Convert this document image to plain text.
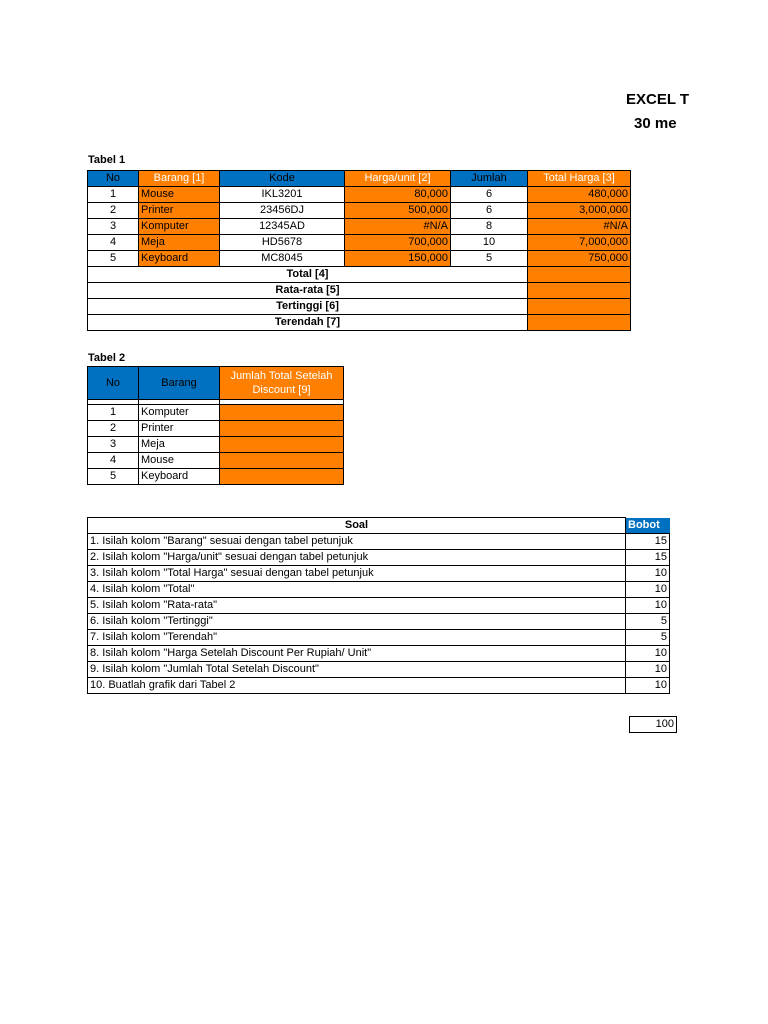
EXCEL T
30 me
Tabel 1
No	Barang [1]	Kode	Harga/unit [2]	Jumlah	Total Harga [3]
1	Mouse	IKL3201	80,000	6	480,000
2	Printer	23456DJ	500,000	6	3,000,000
3	Komputer	12345AD	#N/A	8	#N/A
4	Meja	HD5678	700,000	10	7,000,000
5	Keyboard	MC8045	150,000	5	750,000
Total [4]					
Rata-rata [5]					
Tertinggi [6]					
Terendah [7]					
Tabel 2
No	Barang	Jumlah Total Setelah Discount [9]

1	Komputer	
2	Printer	
3	Meja	
4	Mouse	
5	Keyboard	
Soal	Bobot
1. Isilah kolom "Barang" sesuai dengan tabel petunjuk	15
2. Isilah kolom "Harga/unit" sesuai dengan tabel petunjuk	15
3. Isilah kolom "Total Harga" sesuai dengan tabel petunjuk	10
4. Isilah kolom "Total"	10
5. Isilah kolom "Rata-rata"	10
6. Isilah kolom "Tertinggi"	5
7. Isilah kolom "Terendah"	5
8. Isilah kolom "Harga Setelah Discount Per Rupiah/ Unit"	10
9. Isilah kolom "Jumlah Total Setelah Discount"	10
10. Buatlah grafik dari Tabel 2	10
100
